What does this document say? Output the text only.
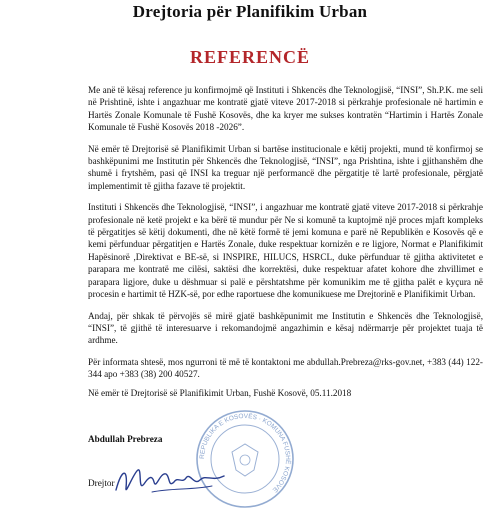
Drejtoria për Planifikim Urban
REFERENCË

Me anë të kësaj reference ju konfirmojmë që Instituti i Shkencës dhe Teknologjisë, “INSI”, Sh.P.K. me seli në Prishtinë, ishte i angazhuar me kontratë gjatë viteve 2017-2018 si përkrahje profesionale në hartimin e Hartës Zonale Komunale të Fushë Kosovës, dhe ka kryer me sukses kontratën “Hartimin i Hartës Zonale Komunale të Fushë Kosovës 2018 -2026”.

Në emër të Drejtorisë së Planifikimit Urban si bartëse institucionale e këtij projekti, mund të konfirmoj se bashkëpunimi me Institutin për Shkencës dhe Teknologjisë, “INSI”, nga Prishtina, ishte i gjithanshëm dhe shumë i frytshëm, pasi që INSI ka treguar një performancë dhe përgatitje të lartë profesionale, përgjatë implementimit të gjitha fazave të projektit.

Instituti i Shkencës dhe Teknologjisë, “INSI”, i angazhuar me kontratë gjatë viteve 2017-2018 si përkrahje profesionale në ketë projekt e ka bërë të mundur për Ne si komunë ta kuptojmë një proces mjaft kompleks të përgatitjes së këtij dokumenti, dhe në këtë formë të jemi komuna e parë në Republikën e Kosovës që e kemi përfunduar përgatitjen e Hartës Zonale, duke respektuar kornizën e re ligjore, Normat e Planifikimit Hapësinorë ,Direktivat e BE-së, si INSPIRE, HILUCS, HSRCL, duke përfunduar të gjitha aktivitetet e parapara me kontratë me cilësi, saktësi dhe korrektësi, duke respektuar afatet kohore dhe zhvillimet e parapara ligjore, duke u dëshmuar si palë e përshtatshme për komunikim me të gjitha palët e kyçura në procesin e hartimit të HZK-së, por edhe raportuese dhe komunikuese me Drejtorinë e Planifikimit Urban.

Andaj, për shkak të përvojës së mirë gjatë bashkëpunimit me Institutin e Shkencës dhe Teknologjisë, “INSI”, të gjithë të interesuarve i rekomandojmë angazhimin e kësaj ndërmarrje për projektet tuaja të ardhme.

Për informata shtesë, mos ngurroni të më të kontaktoni me abdullah.Prebreza@rks-gov.net, +383 (44) 122-344 apo +383 (38) 200 40527.

Në emër të Drejtorisë së Planifikimit Urban, Fushë Kosovë, 05.11.2018

Abdullah Prebreza
Drejtor
REPUBLIKA E KOSOVËS · KOMUNA FUSHË KOSOVË
